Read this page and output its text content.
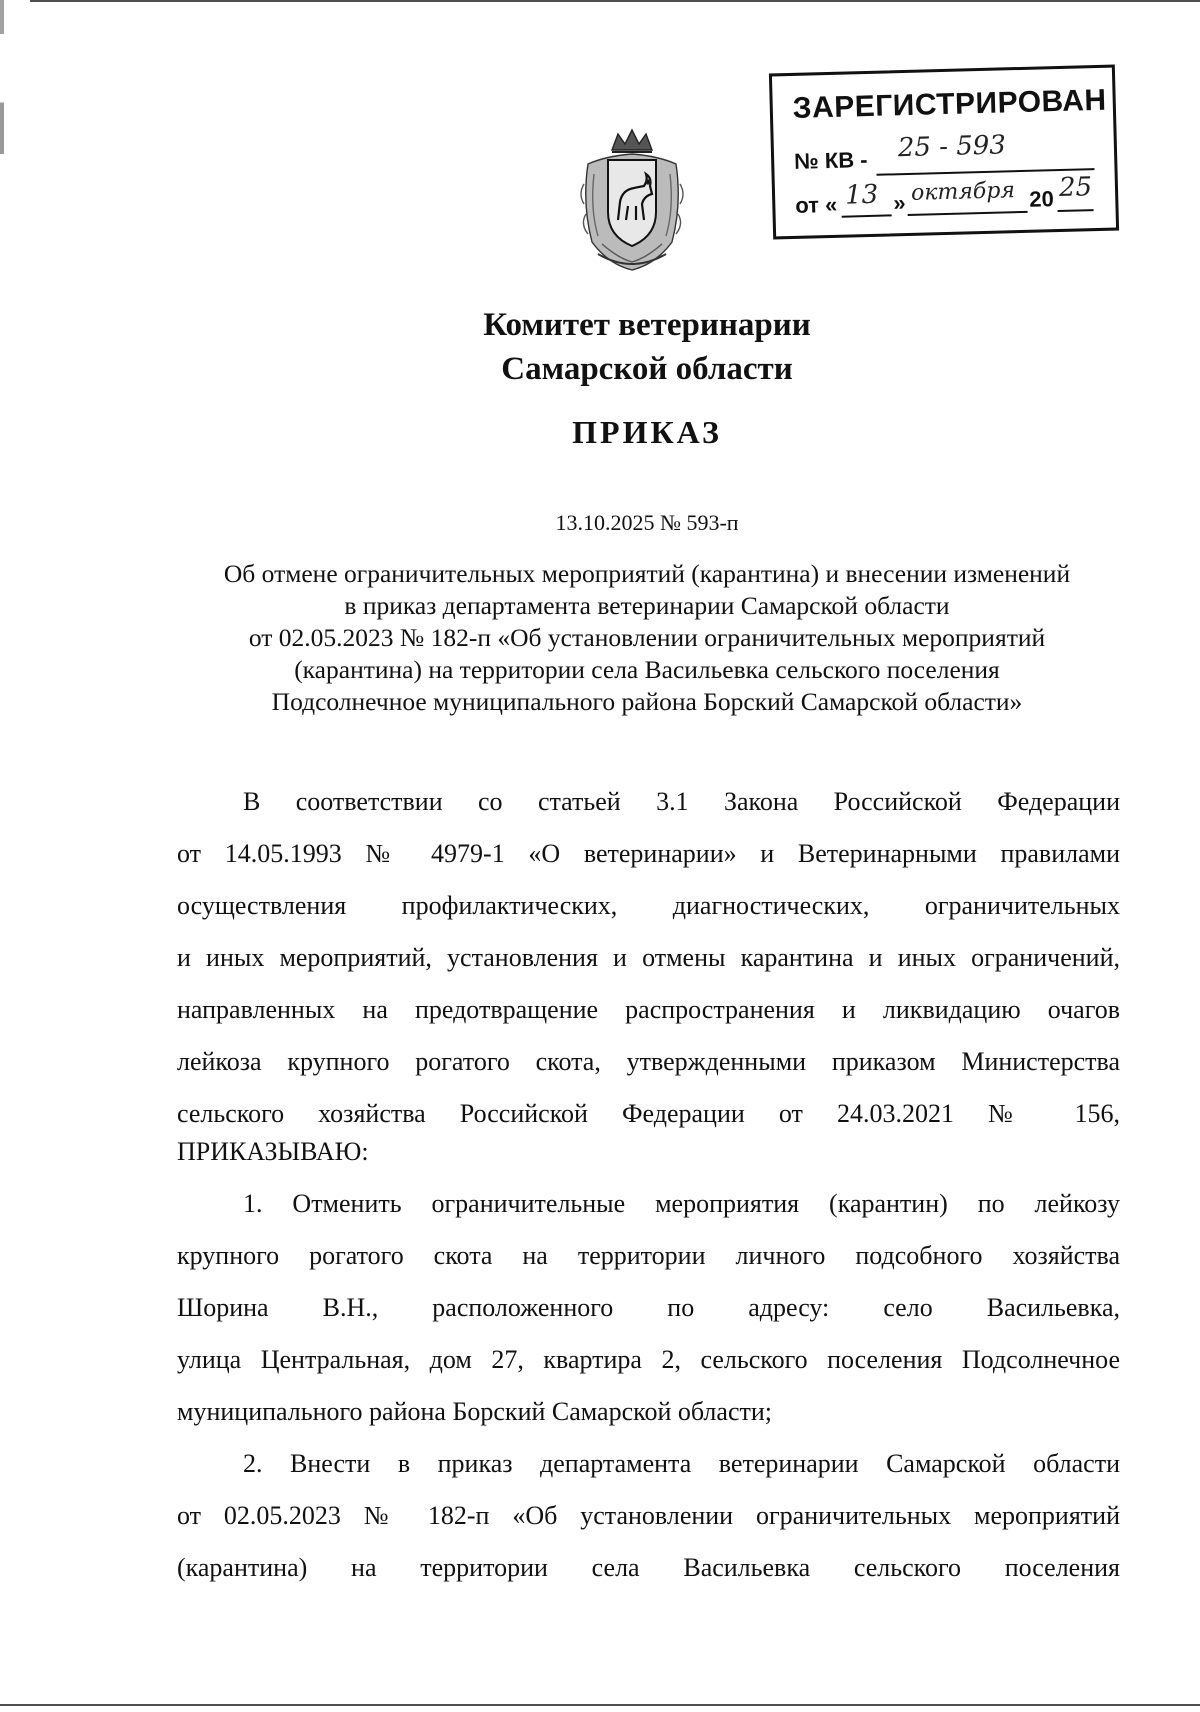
ЗАРЕГИСТРИРОВАН
№ КВ - 25 - 593
от « 13 » октября 20 25
Комитет ветеринарии
Самарской области
ПРИКАЗ
13.10.2025 № 593-п
Об отмене ограничительных мероприятий (карантина) и внесении изменений
в приказ департамента ветеринарии Самарской области
от 02.05.2023 № 182-п «Об установлении ограничительных мероприятий
(карантина) на территории села Васильевка сельского поселения
Подсолнечное муниципального района Борский Самарской области»
В соответствии со статьей 3.1 Закона Российской Федерации
от 14.05.1993 № 4979-1 «О ветеринарии» и Ветеринарными правилами
осуществления профилактических, диагностических, ограничительных
и иных мероприятий, установления и отмены карантина и иных ограничений,
направленных на предотвращение распространения и ликвидацию очагов
лейкоза крупного рогатого скота, утвержденными приказом Министерства
сельского хозяйства Российской Федерации от 24.03.2021 № 156,
ПРИКАЗЫВАЮ:
1. Отменить ограничительные мероприятия (карантин) по лейкозу
крупного рогатого скота на территории личного подсобного хозяйства
Шорина В.Н., расположенного по адресу: село Васильевка,
улица Центральная, дом 27, квартира 2, сельского поселения Подсолнечное
муниципального района Борский Самарской области;
2. Внести в приказ департамента ветеринарии Самарской области
от 02.05.2023 № 182-п «Об установлении ограничительных мероприятий
(карантина) на территории села Васильевка сельского поселения
